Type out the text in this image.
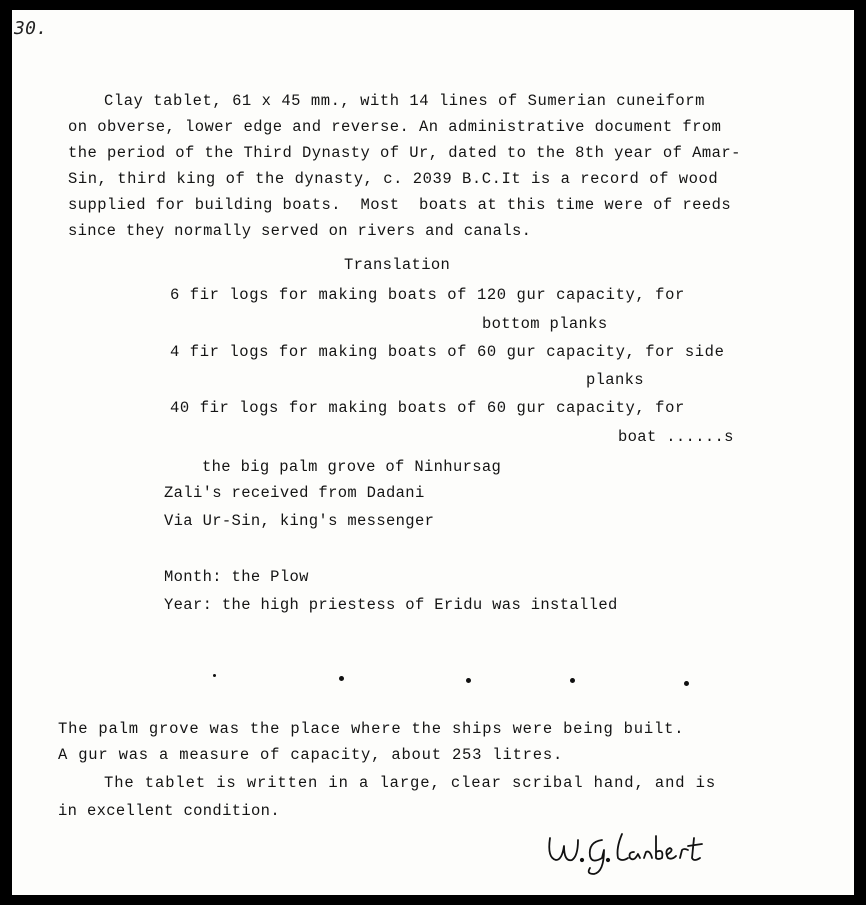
30.
Clay tablet, 61 x 45 mm., with 14 lines of Sumerian cuneiform
on obverse, lower edge and reverse. An administrative document from
the period of the Third Dynasty of Ur, dated to the 8th year of Amar-
Sin, third king of the dynasty, c. 2039 B.C.It is a record of wood
supplied for building boats.  Most  boats at this time were of reeds
since they normally served on rivers and canals.
Translation
6 fir logs for making boats of 120 gur capacity, for
bottom planks
4 fir logs for making boats of 60 gur capacity, for side
planks
40 fir logs for making boats of 60 gur capacity, for
boat ......s
the big palm grove of Ninhursag
Zali's received from Dadani
Via Ur-Sin, king's messenger
Month: the Plow
Year: the high priestess of Eridu was installed
The palm grove was the place where the ships were being built.
A gur was a measure of capacity, about 253 litres.
The tablet is written in a large, clear scribal hand, and is
in excellent condition.
